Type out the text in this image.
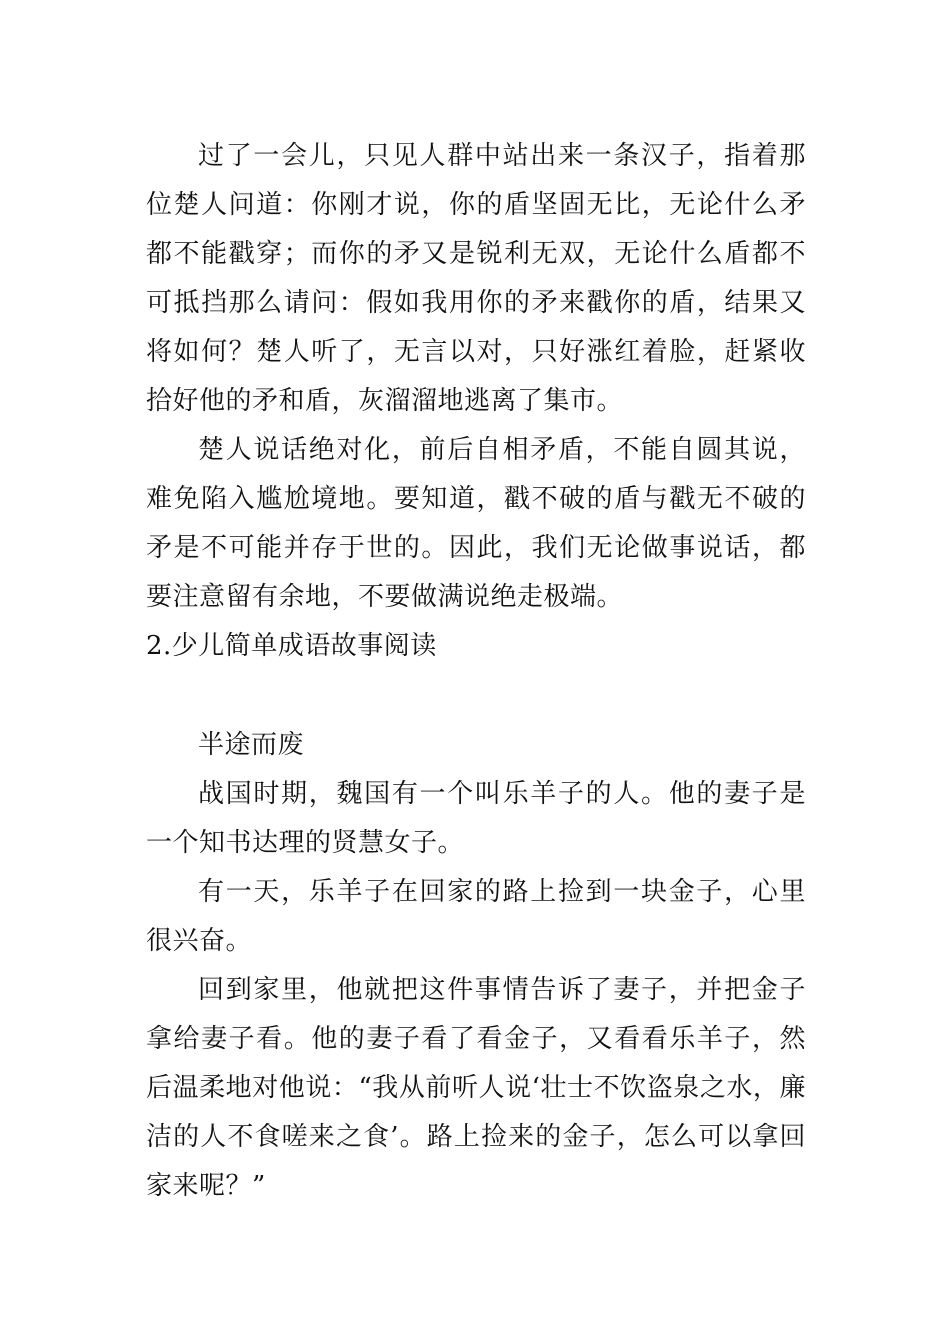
过了一会儿，只见人群中站出来一条汉子，指着那位楚人问道：你刚才说，你的盾坚固无比，无论什么矛都不能戳穿；而你的矛又是锐利无双，无论什么盾都不可抵挡那么请问：假如我用你的矛来戳你的盾，结果又将如何？楚人听了，无言以对，只好涨红着脸，赶紧收拾好他的矛和盾，灰溜溜地逃离了集市。

楚人说话绝对化，前后自相矛盾，不能自圆其说，难免陷入尴尬境地。要知道，戳不破的盾与戳无不破的矛是不可能并存于世的。因此，我们无论做事说话，都要注意留有余地，不要做满说绝走极端。

2.少儿简单成语故事阅读

半途而废

战国时期，魏国有一个叫乐羊子的人。他的妻子是一个知书达理的贤慧女子。

有一天，乐羊子在回家的路上捡到一块金子，心里很兴奋。

回到家里，他就把这件事情告诉了妻子，并把金子拿给妻子看。他的妻子看了看金子，又看看乐羊子，然后温柔地对他说：“我从前听人说‘壮士不饮盗泉之水，廉洁的人不食嗟来之食’。路上捡来的金子，怎么可以拿回家来呢？”
